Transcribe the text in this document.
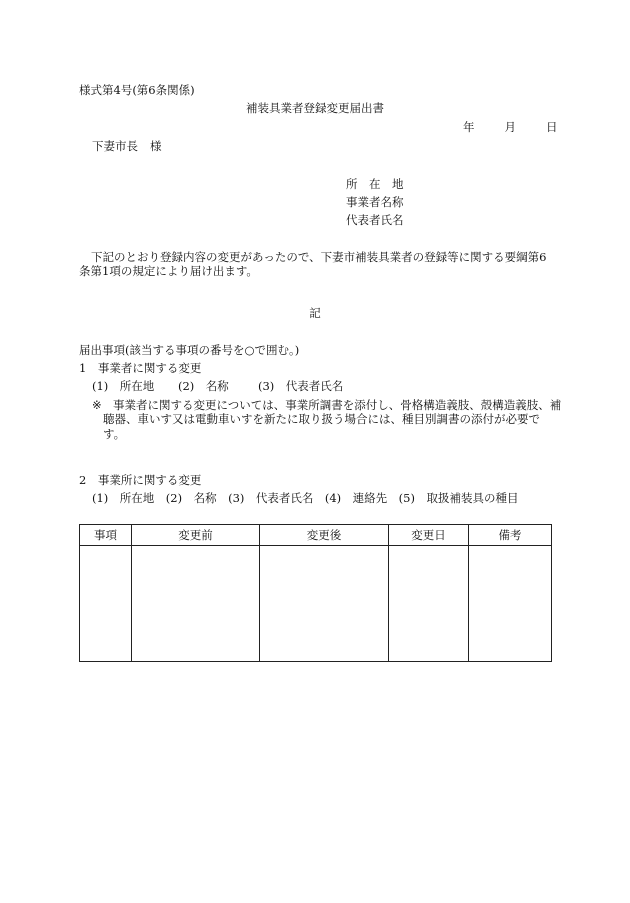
様式第4号(第6条関係)
補装具業者登録変更届出書
年	月	日
下妻市長 様
所　在　地
事業者名称
代表者氏名
下記のとおり登録内容の変更があったので、下妻市補装具業者の登録等に関する要綱第6条第1項の規定により届け出ます。
記
届出事項(該当する事項の番号を○で囲む。)
1　事業者に関する変更
(1)　所在地 (2)　名称	(3)　代表者氏名
※ 事業者に関する変更については、事業所調書を添付し、骨格構造義肢、殻構造義肢、補聴器、車いす又は電動車いすを新たに取り扱う場合には、種目別調書の添付が必要です。
2　事業所に関する変更
(1)　所在地　(2)　名称　(3)　代表者氏名　(4)　連絡先　(5)　取扱補装具の種目
事項	変更前	変更後	変更日	備考
